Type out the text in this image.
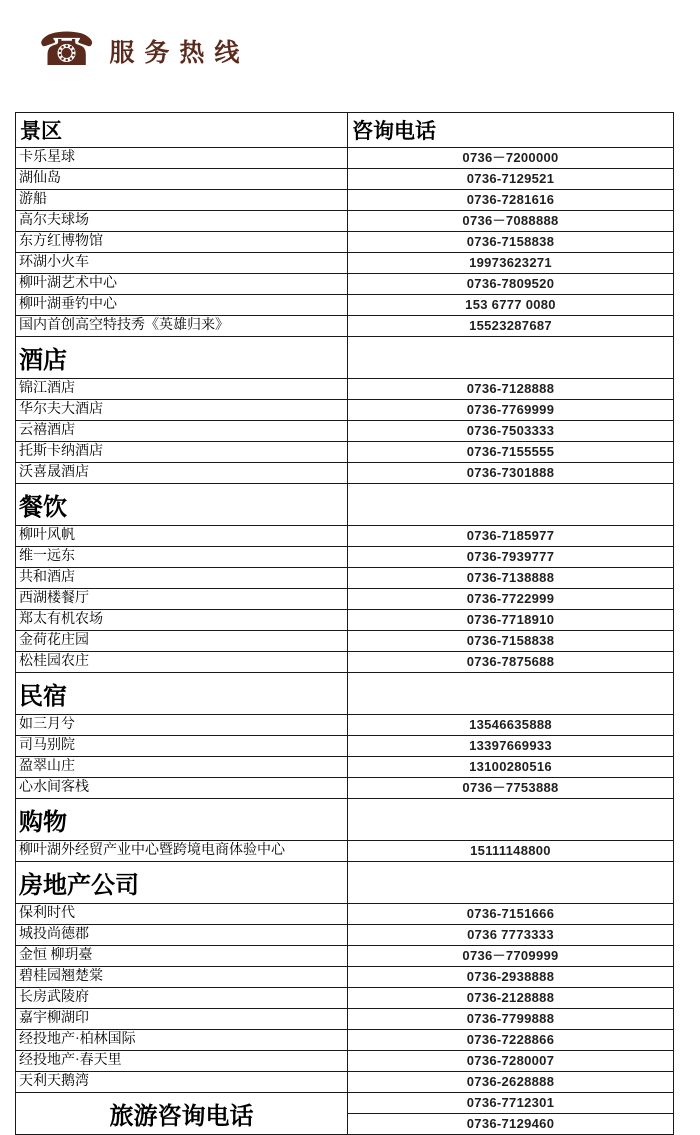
☎ 服务热线
景区	咨询电话
卡乐星球	0736－7200000
湖仙岛	0736-7129521
游船	0736-7281616
高尔夫球场	0736－7088888
东方红博物馆	0736-7158838
环湖小火车	19973623271
柳叶湖艺术中心	0736-7809520
柳叶湖垂钓中心	153 6777 0080
国内首创高空特技秀《英雄归来》	15523287687
酒店	
锦江酒店	0736-7128888
华尔夫大酒店	0736-7769999
云禧酒店	0736-7503333
托斯卡纳酒店	0736-7155555
沃喜晟酒店	0736-7301888
餐饮	
柳叶风帆	0736-7185977
维一远东	0736-7939777
共和酒店	0736-7138888
西湖楼餐厅	0736-7722999
郑太有机农场	0736-7718910
金荷花庄园	0736-7158838
松桂园农庄	0736-7875688
民宿	
如三月兮	13546635888
司马别院	13397669933
盈翠山庄	13100280516
心水间客栈	0736－7753888
购物	
柳叶湖外经贸产业中心暨跨境电商体验中心	15111148800
房地产公司	
保利时代	0736-7151666
城投尚德郡	0736 7773333
金恒 柳玥臺	0736－7709999
碧桂园翘楚棠	0736-2938888
长房武陵府	0736-2128888
嘉宇柳湖印	0736-7799888
经投地产·柏林国际	0736-7228866
经投地产·春天里	0736-7280007
天利天鹅湾	0736-2628888
旅游咨询电话	0736-7712301
	0736-7129460
